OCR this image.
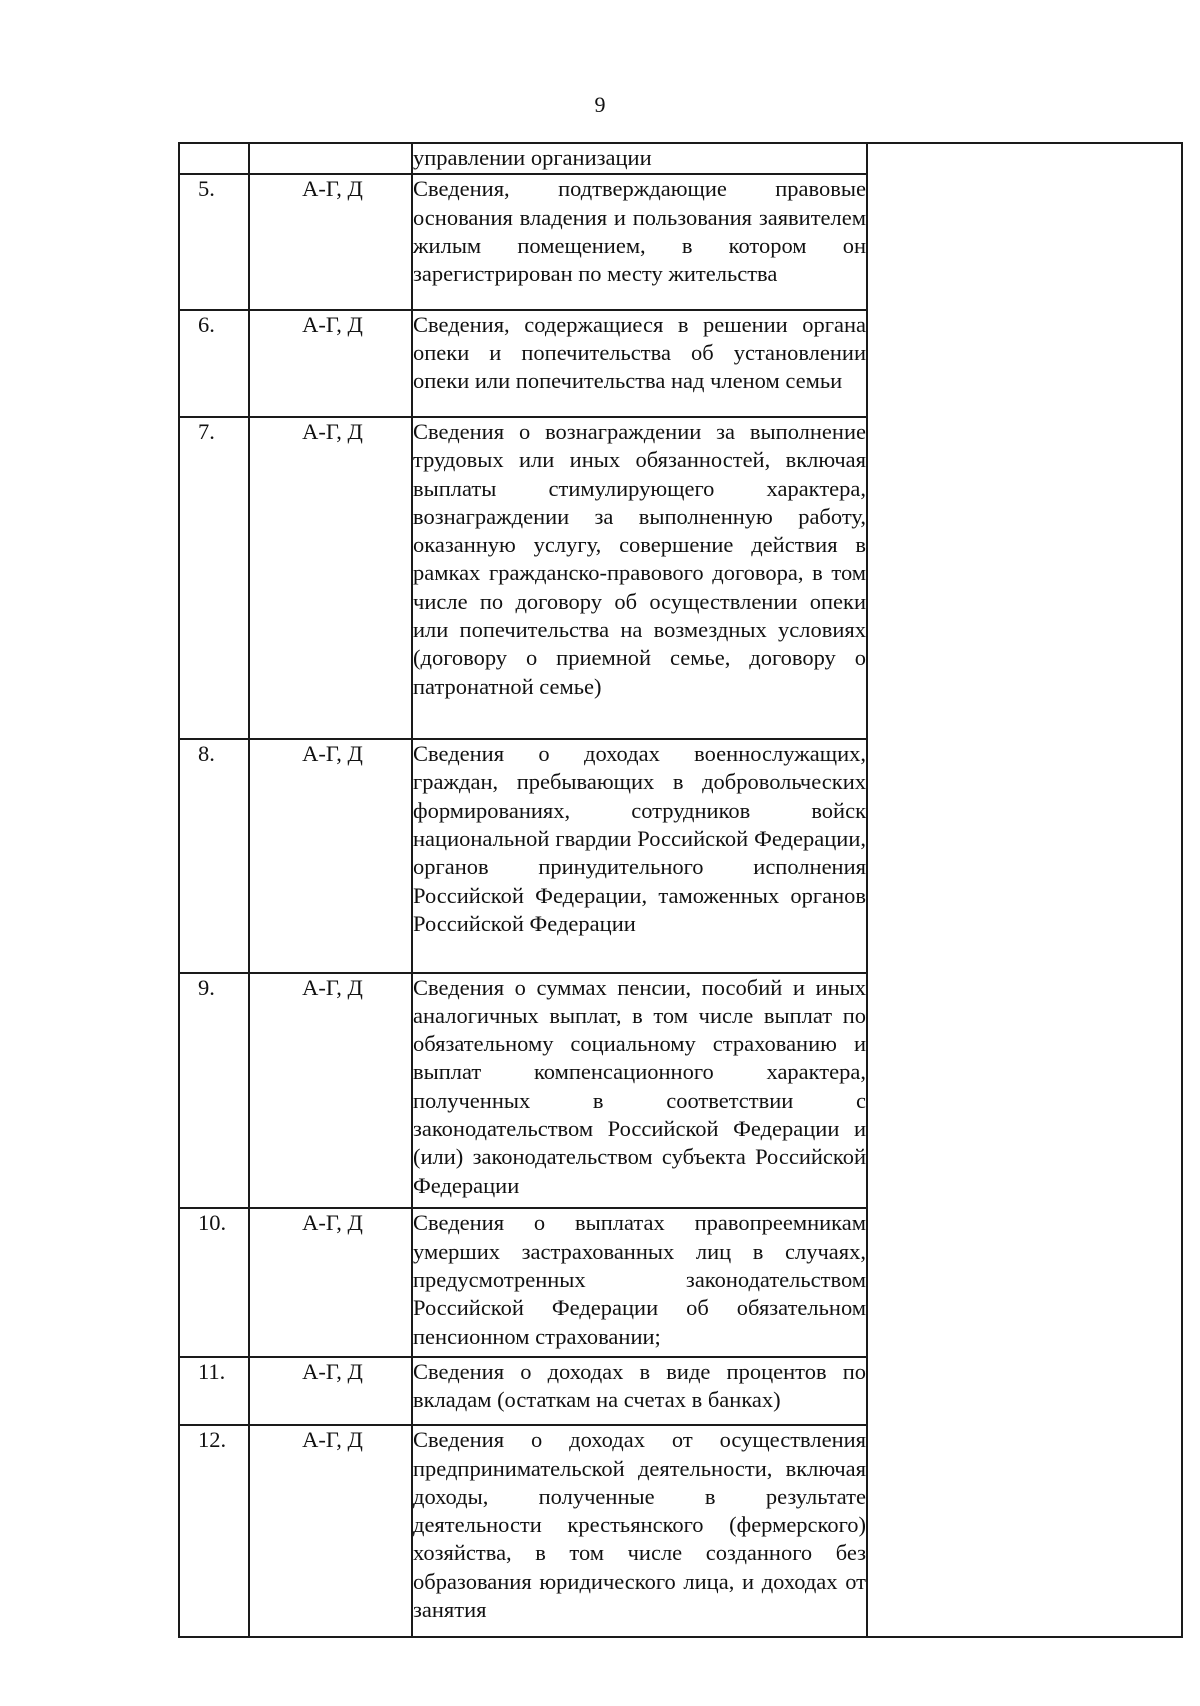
9
		управлении организации	

5.	А-Г, Д	Сведения, подтверждающие правовые основания владения и пользования заявителем жилым помещением, в котором он зарегистрирован по месту жительства	

6.	А-Г, Д	Сведения, содержащиеся в решении органа опеки и попечительства об установлении опеки или попечительства над членом семьи	

7.	А-Г, Д	Сведения о вознаграждении за выполнение трудовых или иных обязанностей, включая выплаты стимулирующего характера, вознаграждении за выполненную работу, оказанную услугу, совершение действия в рамках гражданско-правового договора, в том числе по договору об осуществлении опеки или попечительства на возмездных условиях (договору о приемной семье, договору о патронатной семье)	

8.	А-Г, Д	Сведения о доходах военнослужащих, граждан, пребывающих в добровольческих формированиях, сотрудников войск национальной гвардии Российской Федерации, органов принудительного исполнения Российской Федерации, таможенных органов Российской Федерации	

9.	А-Г, Д	Сведения о суммах пенсии, пособий и иных аналогичных выплат, в том числе выплат по обязательному социальному страхованию и выплат компенсационного характера, полученных в соответствии с законодательством Российской Федерации и (или) законодательством субъекта Российской Федерации	

10.	А-Г, Д	Сведения о выплатах правопреемникам умерших застрахованных лиц в случаях, предусмотренных законодательством Российской Федерации об обязательном пенсионном страховании;	

11.	А-Г, Д	Сведения о доходах в виде процентов по вкладам (остаткам на счетах в банках)	

12.	А-Г, Д	Сведения о доходах от осуществления предпринимательской деятельности, включая доходы, полученные в результате деятельности крестьянского (фермерского) хозяйства, в том числе созданного без образования юридического лица, и доходах от занятия	
